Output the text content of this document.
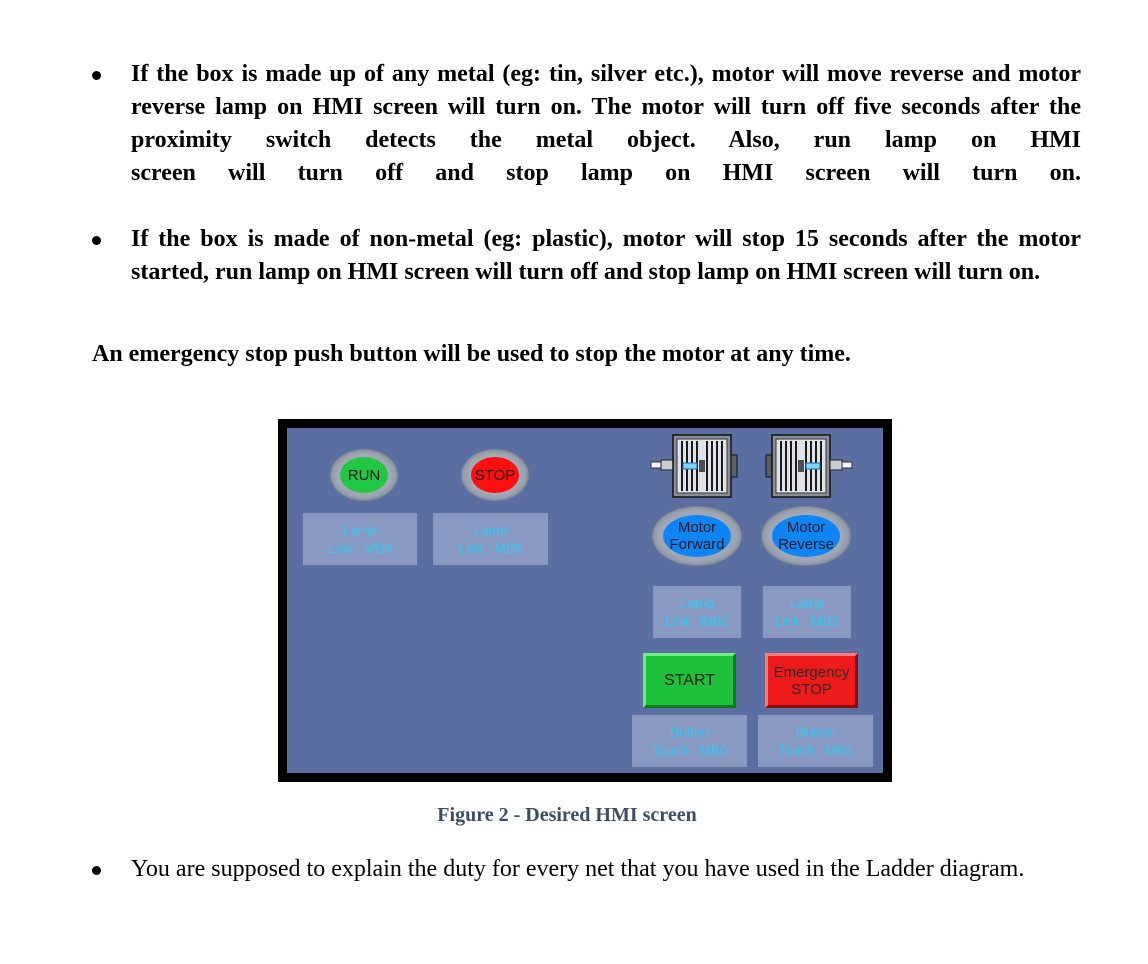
If the box is made up of any metal (eg: tin, silver etc.), motor will move reverse and motor reverse lamp on HMI screen will turn on. The motor will turn off five seconds after the proximity switch detects the metal object. Also, run lamp on HMI
screen will turn off and stop lamp on HMI screen will turn on.
If the box is made of non-metal (eg: plastic), motor will stop 15 seconds after the motor started, run lamp on HMI screen will turn off and stop lamp on HMI screen will turn on.
An emergency stop push button will be used to stop the motor at any time.
RUN
Lamp
Link : MB4
STOP
Lamp
Link : MB5
Motor
Forward
Motor
Reverse
Lamp
Link : MB2
Lamp
Link : MB3
START	Emergency
STOP
Button
Touch : MB0
Button
Touch : MB1
Figure 2 - Desired HMI screen
You are supposed to explain the duty for every net that you have used in the Ladder diagram.
